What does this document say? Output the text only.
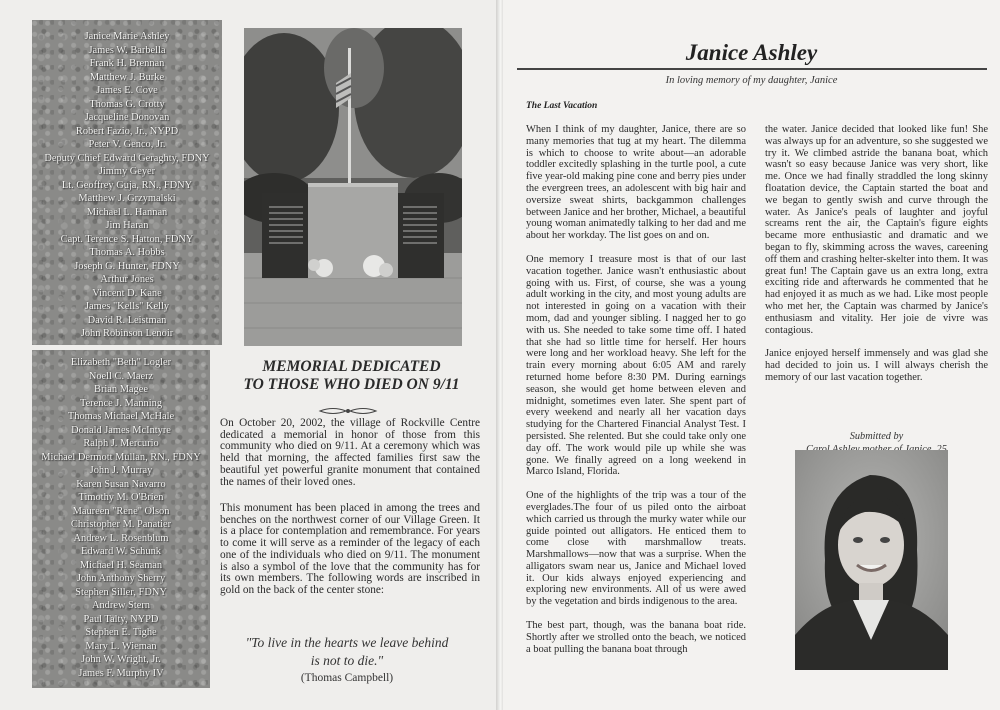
Janice Marie Ashley
James W. Barbella
Frank H. Brennan
Matthew J. Burke
James E. Cove
Thomas G. Crotty
Jacqueline Donovan
Robert Fazio, Jr., NYPD
Peter V. Genco, Jr.
Deputy Chief Edward Geraghty, FDNY
Jimmy Geyer
Lt. Geoffrey Guja, RN., FDNY
Matthew J. Grzymalski
Michael L. Hannan
Jim Haran
Capt. Terence S. Hatton, FDNY
Thomas A. Hobbs
Joseph G. Hunter, FDNY
Arthur Jones
Vincent D. Kane
James "Kells" Kelly
David R. Leistman
John Robinson Lenoir
Elizabeth "Beth" Logler
Noell C. Maerz
Brian Magee
Terence J. Manning
Thomas Michael McHale
Donald James McIntyre
Ralph J. Mercurio
Michael Dermott Mullan, RN., FDNY
John J. Murray
Karen Susan Navarro
Timothy M. O'Brien
Maureen "Rene" Olson
Christopher M. Panatier
Andrew L. Rosenblum
Edward W. Schunk
Michael H. Seaman
John Anthony Sherry
Stephen Siller, FDNY
Andrew Stern
Paul Talty, NYPD
Stephen E. Tighe
Mary L. Wieman
John W. Wright, Jr.
James F. Murphy IV
MEMORIAL DEDICATED
TO THOSE WHO DIED ON 9/11

On October 20, 2002, the village of Rockville Centre dedicated a memorial in honor of those from this community who died on 9/11. At a ceremony which was held that morning, the affected families first saw the beautiful yet powerful granite monument that contained the names of their loved ones.

This monument has been placed in among the trees and benches on the northwest corner of our Village Green. It is a place for contemplation and remembrance. For years to come it will serve as a reminder of the legacy of each one of the individuals who died on 9/11. The monument is also a symbol of the love that the community has for its own members. The following words are inscribed in gold on the back of the center stone:

"To live in the hearts we leave behind
is not to die."

(Thomas Campbell)

Janice Ashley

In loving memory of my daughter, Janice

The Last Vacation

When I think of my daughter, Janice, there are so many memories that tug at my heart. The dilemma is which to choose to write about—an adorable toddler excitedly splashing in the turtle pool, a cute five year-old making pine cone and berry pies under the evergreen trees, an adolescent with big hair and oversize sweat shirts, backgammon challenges between Janice and her brother, Michael, a beautiful young woman animatedly talking to her dad and me about her workday. The list goes on and on.

One memory I treasure most is that of our last vacation together. Janice wasn't enthusiastic about going with us. First, of course, she was a young adult working in the city, and most young adults are not interested in going on a vacation with their mom, dad and younger sibling. I nagged her to go with us. She needed to take some time off. I hated that she had so little time for herself. Her hours were long and her workload heavy. She left for the train every morning about 6:05 AM and rarely returned home before 8:30 PM. During earnings season, she would get home between eleven and midnight, sometimes even later. She spent part of every weekend and nearly all her vacation days studying for the Chartered Financial Analyst Test. I persisted. She relented. But she could take only one day off. The work would pile up while she was gone. We finally agreed on a long weekend in Marco Island, Florida.

One of the highlights of the trip was a tour of the everglades.The four of us piled onto the airboat which carried us through the murky water while our guide pointed out alligators. He enticed them to come close with marshmallow treats. Marshmallows—now that was a surprise. When the alligators swam near us, Janice and Michael loved it. Our kids always enjoyed experiencing and exploring new environments. All of us were awed by the vegetation and birds indigenous to the area.

The best part, though, was the banana boat ride. Shortly after we strolled onto the beach, we noticed a boat pulling the banana boat through

the water. Janice decided that looked like fun! She was always up for an adventure, so she suggested we try it. We climbed astride the banana boat, which wasn't so easy because Janice was very short, like me. Once we had finally straddled the long skinny floatation device, the Captain started the boat and we began to gently swish and curve through the water. As Janice's peals of laughter and joyful screams rent the air, the Captain's figure eights became more enthusiastic and dramatic and we began to fly, skimming across the waves, careening off them and crashing helter-skelter into them. It was great fun! The Captain gave us an extra long, extra exciting ride and afterwards he commented that he had enjoyed it as much as we had. Like most people who met her, the Captain was charmed by Janice's enthusiasm and vitality. Her joie de vivre was contagious.

Janice enjoyed herself immensely and was glad she had decided to join us. I will always cherish the memory of our last vacation together.

Submitted by
